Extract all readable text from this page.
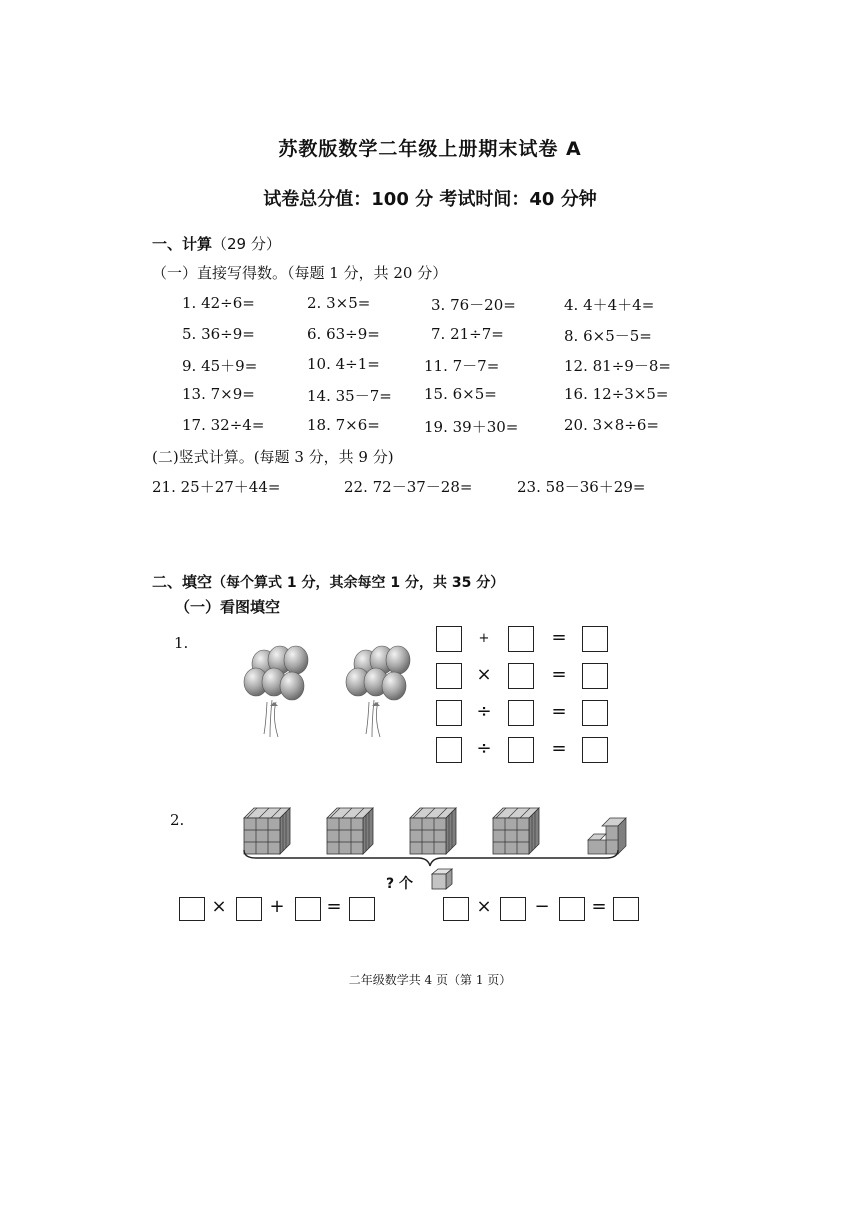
苏教版数学二年级上册期末试卷 A
试卷总分值：100 分 考试时间：40 分钟
一、计算（29 分）
（一）直接写得数。（每题 1 分，共 20 分）
1. 42÷6=	2. 3×5=	3. 76－20=	4. 4＋4＋4=
5. 36÷9=	6. 63÷9=	7. 21÷7=	8. 6×5－5=
9. 45＋9=	10. 4÷1=	11. 7－7=	12. 81÷9－8=
13. 7×9=	14. 35－7= 15. 6×5=	16. 12÷3×5=
17. 32÷4=	18. 7×6=	19. 39＋30=	20. 3×8÷6=
(二)竖式计算。(每题 3 分，共 9 分)
21. 25＋27＋44=	22. 72－37－28=	23. 58－36＋29=
二、填空（每个算式 1 分，其余每空 1 分，共 35 分）
（一）看图填空
1.	+	=
×	=
÷	=
÷	=
2.
? 个
× + =	× − =
二年级数学共 4 页（第 1 页）
